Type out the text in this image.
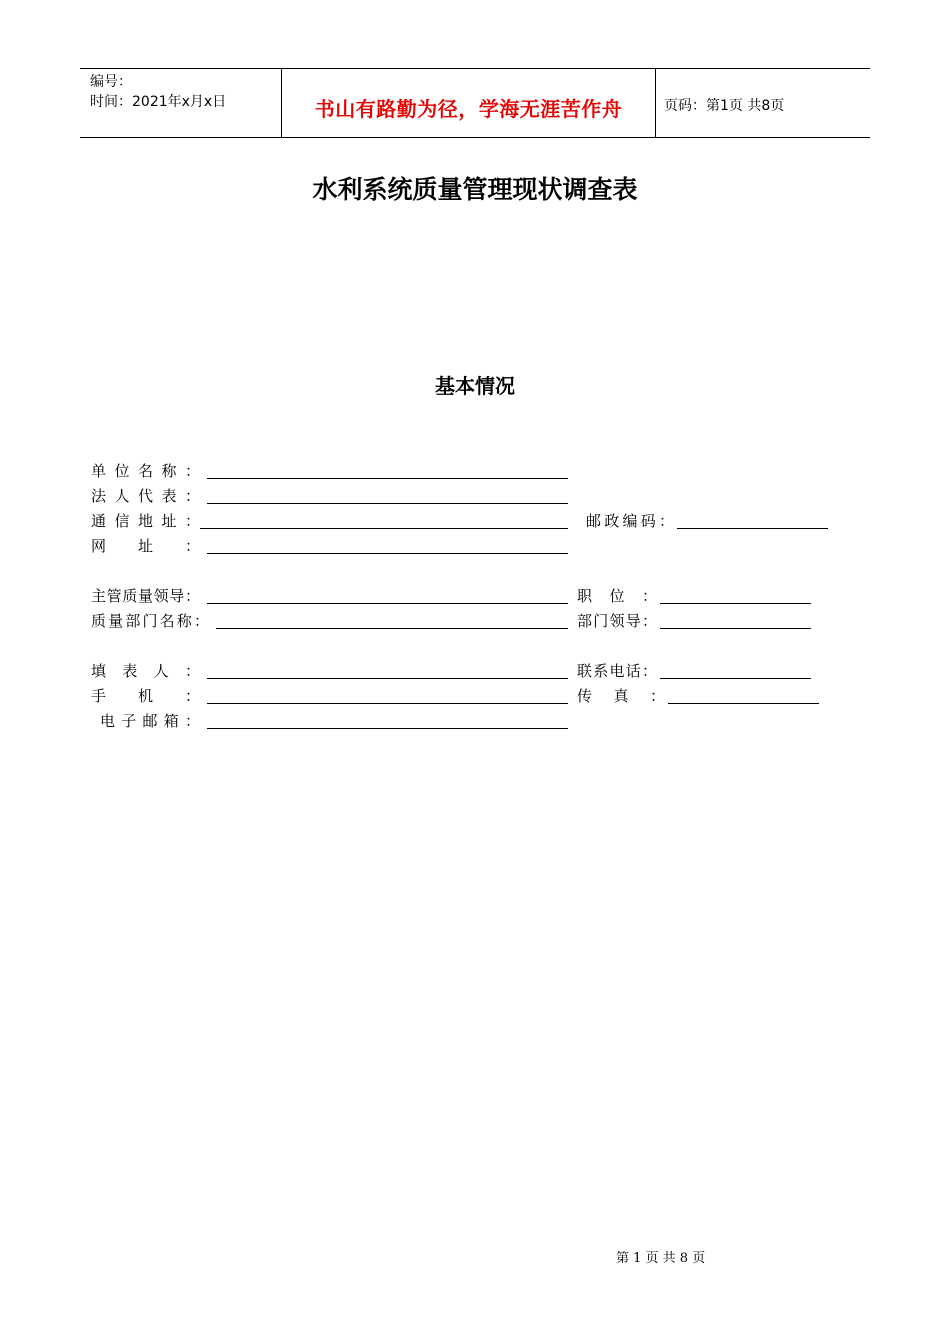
编号：
时间：2021年x月x日	书山有路勤为径，学海无涯苦作舟	页码：第1页 共8页
水利系统质量管理现状调查表
基本情况
单 位 名 称 ：
法 人 代 表 ：
通 信 地 址 ：	邮 政 编 码 ：
网 址 ：
主 管 质 量 领 导 ：	职 位 ：
质 量 部 门 名 称 ：	部 门 领 导 ：
填 表 人 ：	联 系 电 话 ：
手 机 ：	传 真 ：
电 子 邮 箱 ：
第 1 页 共 8 页
